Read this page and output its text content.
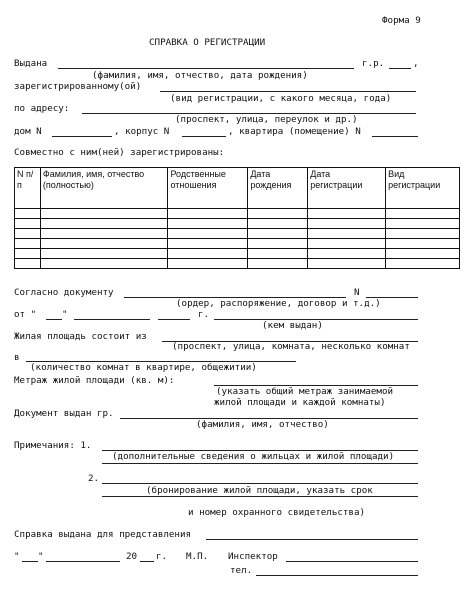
Форма 9
СПРАВКА О РЕГИСТРАЦИИ
Выдана	г.р.	,
(фамилия, имя, отчество, дата рождения)
зарегистрированному(ой)
(вид регистрации, с какого месяца, года)
по адресу:
(проспект, улица, переулок и др.)
дом N	, корпус N	, квартира (помещение) N
Совместно с ним(ней) зарегистрированы:
N п/п	Фамилия, имя, отчество (полностью)	Родственные отношения	Дата рождения	Дата регистрации	Вид регистрации

Согласно документу	N
(ордер, распоряжение, договор и т.д.)
от "	"	г.
(кем выдан)
Жилая площадь состоит из
(проспект, улица, комната, несколько комнат
в
(количество комнат в квартире, общежитии)
Метраж жилой площади (кв. м):
(указать общий метраж занимаемой
жилой площади и каждой комнаты)
Документ выдан гр.
(фамилия, имя, отчество)
Примечания: 1.
(дополнительные сведения о жильцах и жилой площади)
2.
(бронирование жилой площади, указать срок
и номер охранного свидетельства)
Справка выдана для представления
" "	20 г. М.П. Инспектор
тел.
